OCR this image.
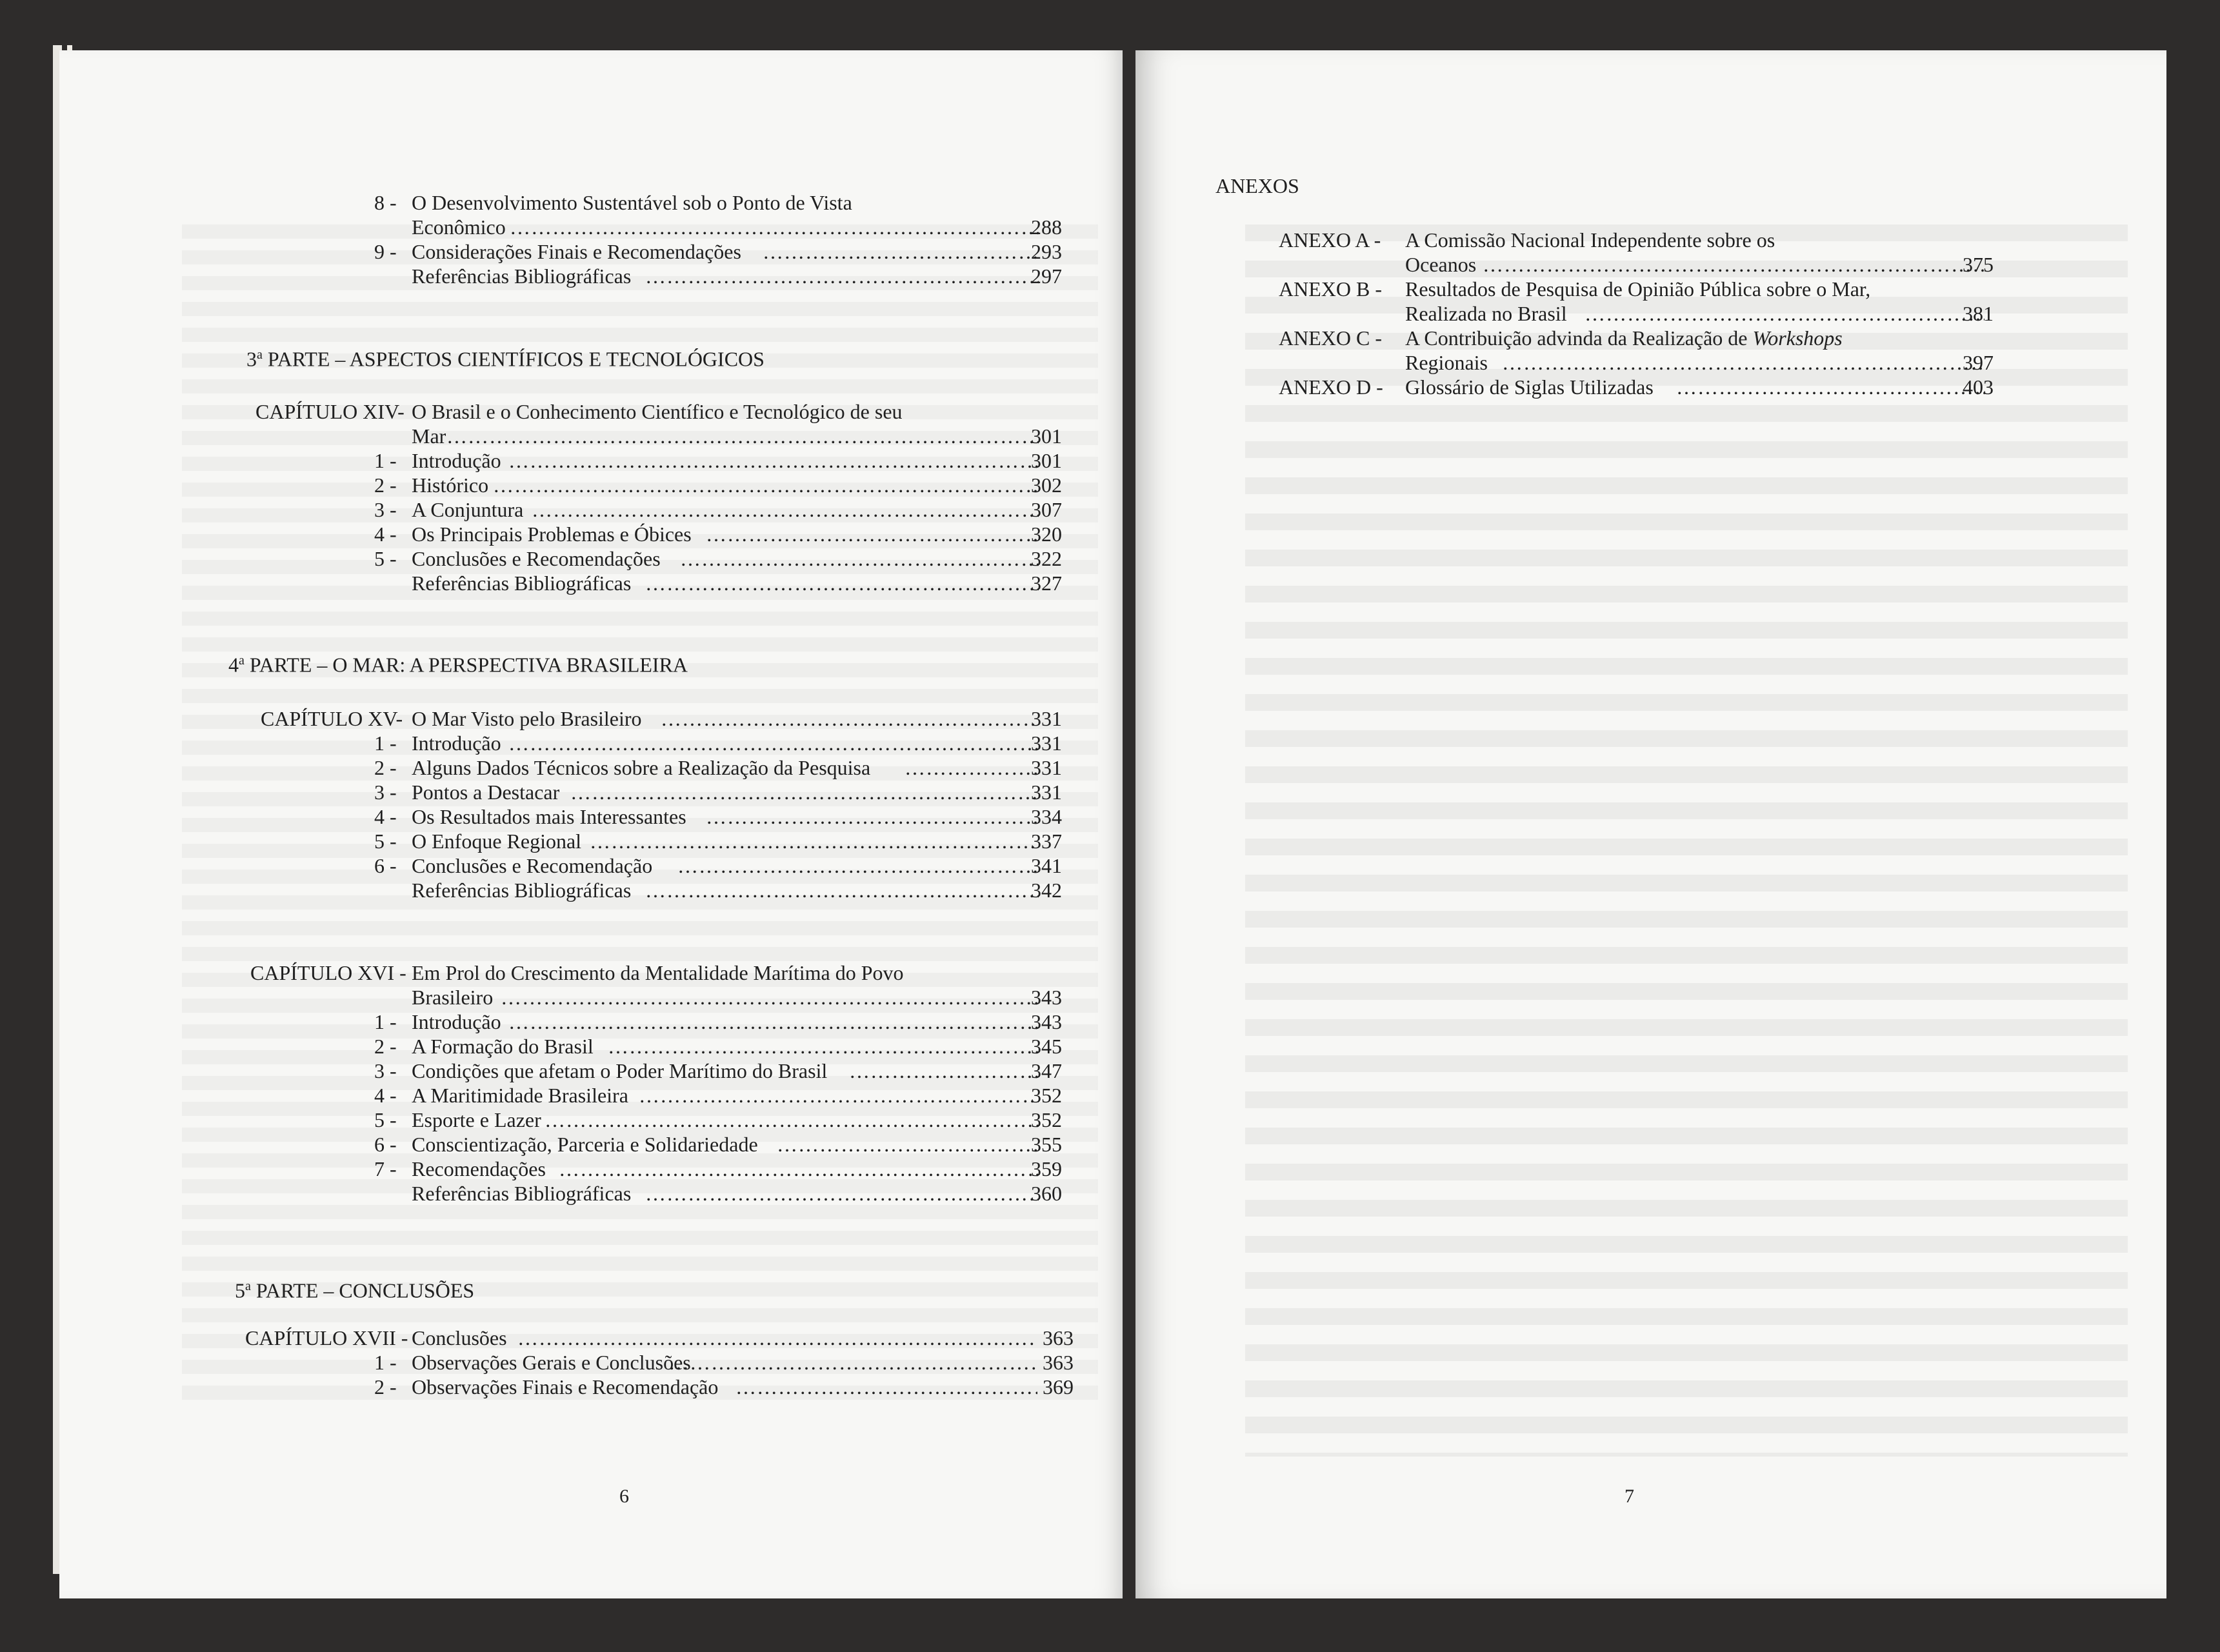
8 - O Desenvolvimento Sustentável sob o Ponto de Vista
Econômico ……………………………………………………………………………………………………………………………………………………	288
9 - Considerações Finais e Recomendações ……………………………………………………………………………………………………………………………………………………	293
Referências Bibliográficas ……………………………………………………………………………………………………………………………………………………	297
3$^a$ PARTE – ASPECTOS CIENTÍFICOS E TECNOLÓGICOS
CAPÍTULO XIV- O Brasil e o Conhecimento Científico e Tecnológico de seu
Mar ……………………………………………………………………………………………………………………………………………………	301
1 - Introdução ……………………………………………………………………………………………………………………………………………………	301
2 - Histórico ……………………………………………………………………………………………………………………………………………………	302
3 - A Conjuntura ……………………………………………………………………………………………………………………………………………………	307
4 - Os Principais Problemas e Óbices ……………………………………………………………………………………………………………………………………………………	320
5 - Conclusões e Recomendações ……………………………………………………………………………………………………………………………………………………	322
Referências Bibliográficas ……………………………………………………………………………………………………………………………………………………	327
4$^a$ PARTE – O MAR: A PERSPECTIVA BRASILEIRA
CAPÍTULO XV- O Mar Visto pelo Brasileiro ……………………………………………………………………………………………………………………………………………………	331
1 - Introdução ……………………………………………………………………………………………………………………………………………………	331
2 - Alguns Dados Técnicos sobre a Realização da Pesquisa ……………………………………………………………………………………………………………………………………………………	331
3 - Pontos a Destacar ……………………………………………………………………………………………………………………………………………………	331
4 - Os Resultados mais Interessantes ……………………………………………………………………………………………………………………………………………………	334
5 - O Enfoque Regional ……………………………………………………………………………………………………………………………………………………	337
6 - Conclusões e Recomendação ……………………………………………………………………………………………………………………………………………………	341
Referências Bibliográficas ……………………………………………………………………………………………………………………………………………………	342
CAPÍTULO XVI - Em Prol do Crescimento da Mentalidade Marítima do Povo
Brasileiro ……………………………………………………………………………………………………………………………………………………	343
1 - Introdução ……………………………………………………………………………………………………………………………………………………	343
2 - A Formação do Brasil ……………………………………………………………………………………………………………………………………………………	345
3 - Condições que afetam o Poder Marítimo do Brasil ……………………………………………………………………………………………………………………………………………………	347
4 - A Maritimidade Brasileira ……………………………………………………………………………………………………………………………………………………	352
5 - Esporte e Lazer ……………………………………………………………………………………………………………………………………………………	352
6 - Conscientização, Parceria e Solidariedade ……………………………………………………………………………………………………………………………………………………	355
7 - Recomendações ……………………………………………………………………………………………………………………………………………………	359
Referências Bibliográficas ……………………………………………………………………………………………………………………………………………………	360
5$^a$ PARTE – CONCLUSÕES
CAPÍTULO XVII - Conclusões ……………………………………………………………………………………………………………………………………………………	363
1 - Observações Gerais e Conclusões ……………………………………………………………………………………………………………………………………………………	363
2 - Observações Finais e Recomendação ……………………………………………………………………………………………………………………………………………………	369
6
ANEXOS
ANEXO A - A Comissão Nacional Independente sobre os
Oceanos ……………………………………………………………………………………………………………………………………………………	375
ANEXO B - Resultados de Pesquisa de Opinião Pública sobre o Mar,
Realizada no Brasil ……………………………………………………………………………………………………………………………………………………	381
ANEXO C - A Contribuição advinda da Realização de Workshops
Regionais ……………………………………………………………………………………………………………………………………………………	397
ANEXO D - Glossário de Siglas Utilizadas ……………………………………………………………………………………………………………………………………………………	403
7
